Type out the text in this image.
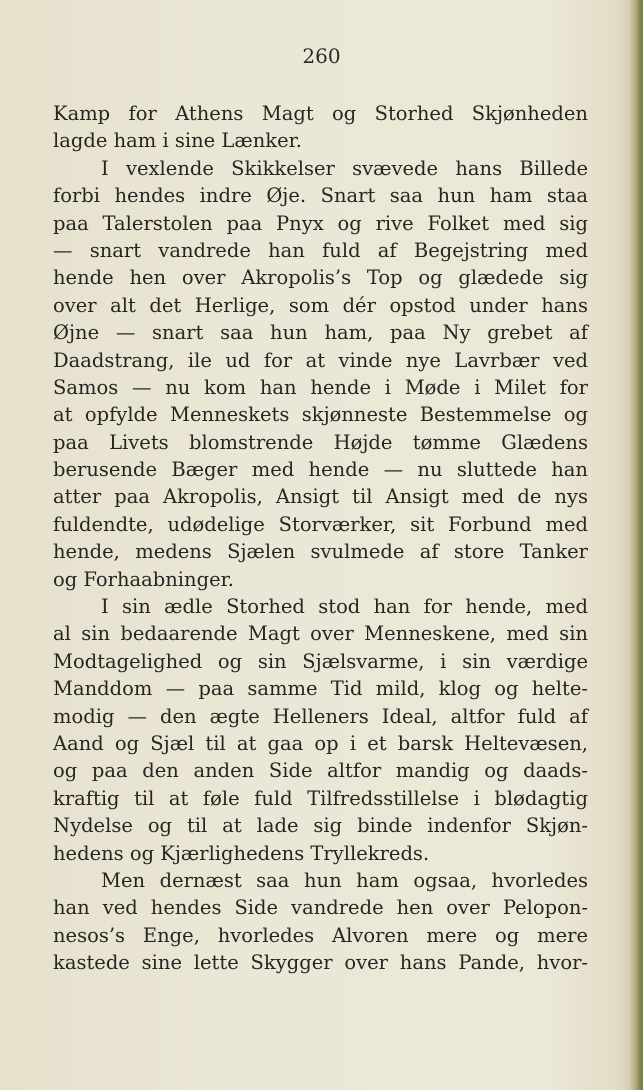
260
Kamp for Athens Magt og Storhed Skjønheden
lagde ham i sine Lænker.
I vexlende Skikkelser svævede hans Billede
forbi hendes indre Øje. Snart saa hun ham staa
paa Talerstolen paa Pnyx og rive Folket med sig
— snart vandrede han fuld af Begejstring med
hende hen over Akropolis’s Top og glædede sig
over alt det Herlige, som dér opstod under hans
Øjne — snart saa hun ham, paa Ny grebet af
Daadstrang, ile ud for at vinde nye Lavrbær ved
Samos — nu kom han hende i Møde i Milet for
at opfylde Menneskets skjønneste Bestemmelse og
paa Livets blomstrende Højde tømme Glædens
berusende Bæger med hende — nu sluttede han
atter paa Akropolis, Ansigt til Ansigt med de nys
fuldendte, udødelige Storværker, sit Forbund med
hende, medens Sjælen svulmede af store Tanker
og Forhaabninger.
I sin ædle Storhed stod han for hende, med
al sin bedaarende Magt over Menneskene, med sin
Modtagelighed og sin Sjælsvarme, i sin værdige
Manddom — paa samme Tid mild, klog og helte-
modig — den ægte Helleners Ideal, altfor fuld af
Aand og Sjæl til at gaa op i et barsk Heltevæsen,
og paa den anden Side altfor mandig og daads-
kraftig til at føle fuld Tilfredsstillelse i blødagtig
Nydelse og til at lade sig binde indenfor Skjøn-
hedens og Kjærlighedens Tryllekreds.
Men dernæst saa hun ham ogsaa, hvorledes
han ved hendes Side vandrede hen over Pelopon-
nesos’s Enge, hvorledes Alvoren mere og mere
kastede sine lette Skygger over hans Pande, hvor-
